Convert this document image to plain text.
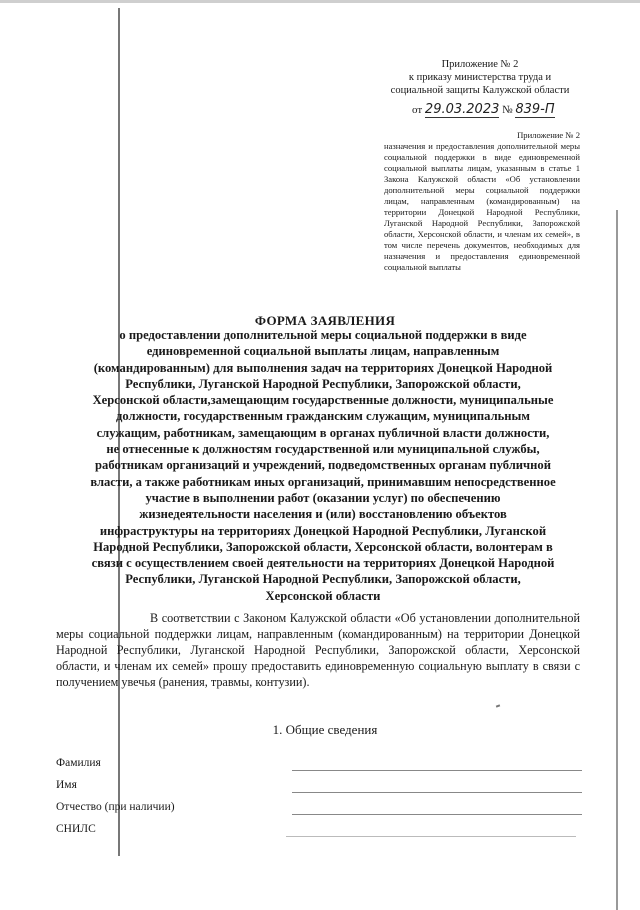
Приложение № 2
к приказу министерства труда и
социальной защиты Калужской области
от 29.03.2023 № 839-П
Приложение № 2
назначения и предоставления дополнительной меры социальной поддержки в виде единовременной социальной выплаты лицам, указанным в статье 1 Закона Калужской области «Об установлении дополнительной меры социальной поддержки лицам, направленным (командированным) на территории Донецкой Народной Республики, Луганской Народной Республики, Запорожской области, Херсонской области, и членам их семей», в том числе перечень документов, необходимых для назначения и предоставления единовременной социальной выплаты
ФОРМА ЗАЯВЛЕНИЯ
о предоставлении дополнительной меры социальной поддержки в виде
единовременной социальной выплаты лицам, направленным
(командированным) для выполнения задач на территориях Донецкой Народной
Республики, Луганской Народной Республики, Запорожской области,
Херсонской области,замещающим государственные должности, муниципальные
должности, государственным гражданским служащим, муниципальным
служащим, работникам, замещающим в органах публичной власти должности,
не отнесенные к должностям государственной или муниципальной службы,
работникам организаций и учреждений, подведомственных органам публичной
власти, а также работникам иных организаций, принимавшим непосредственное
участие в выполнении работ (оказании услуг) по обеспечению
жизнедеятельности населения и (или) восстановлению объектов
инфраструктуры на территориях Донецкой Народной Республики, Луганской
Народной Республики, Запорожской области, Херсонской области, волонтерам в
связи с осуществлением своей деятельности на территориях Донецкой Народной
Республики, Луганской Народной Республики, Запорожской области,
Херсонской области
В соответствии с Законом Калужской области «Об установлении дополнительной меры социальной поддержки лицам, направленным (командированным) на территории Донецкой Народной Республики, Луганской Народной Республики, Запорожской области, Херсонской области, и членам их семей» прошу предоставить единовременную социальную выплату в связи с получением увечья (ранения, травмы, контузии).
1. Общие сведения
Фамилия
Имя
Отчество (при наличии)
СНИЛС
